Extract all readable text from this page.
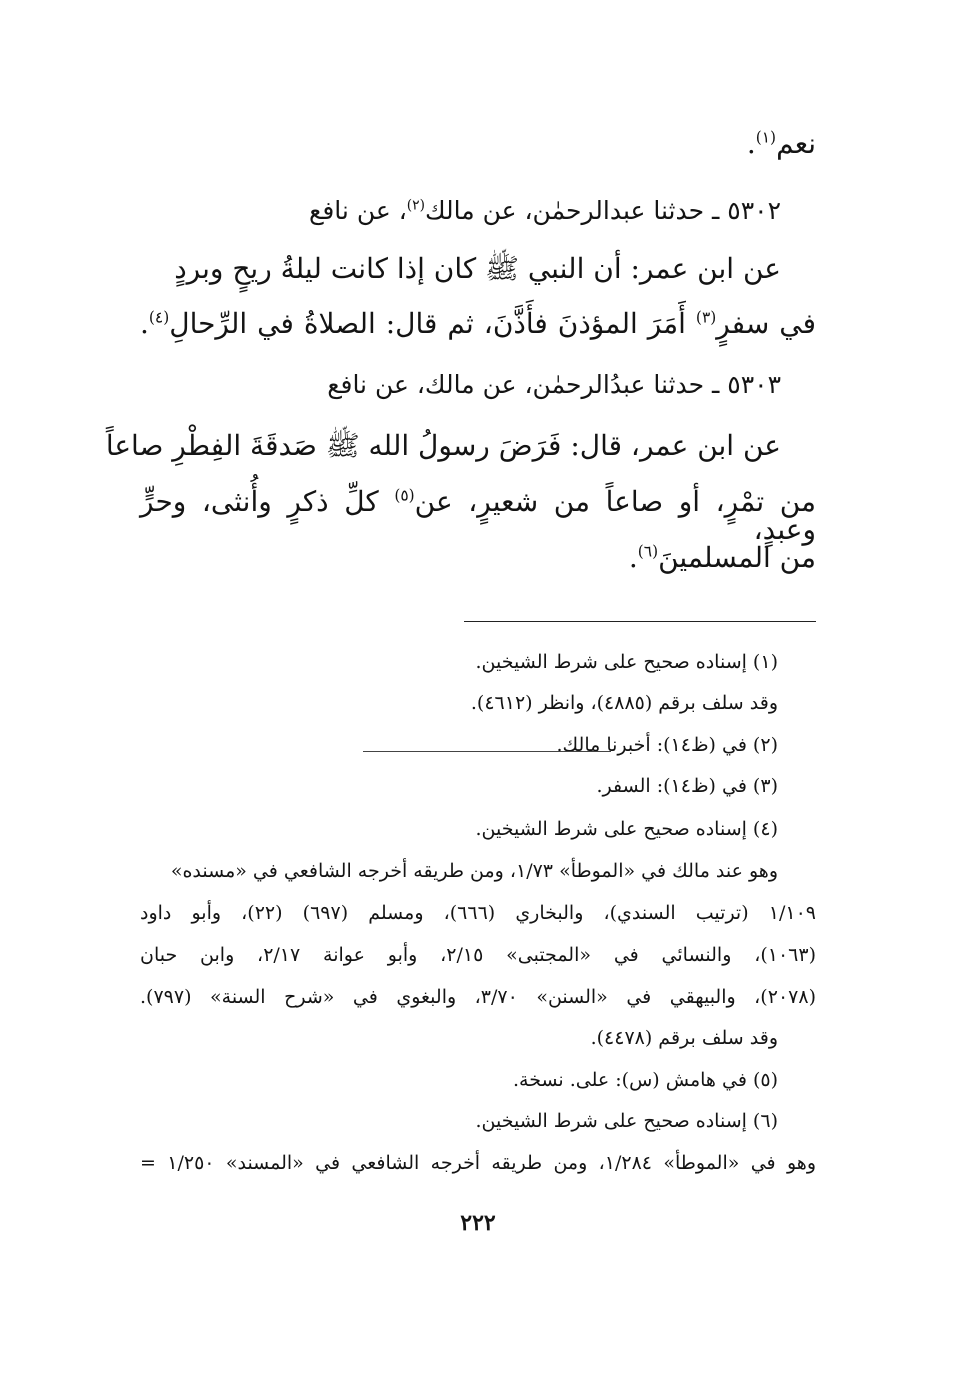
نعم$^{(١)}$.
٥٣٠٢ ـ حدثنا عبدالرحمٰن، عن مالك$^{(٢)}$، عن نافع
عن ابن عمر: أن النبي ﷺ كان إذا كانت ليلةُ ريحٍ وبردٍ
في سفرٍ$^{(٣)}$ أَمَرَ المؤذنَ فأَذَّنَ، ثم قال: الصلاةُ في الرِّحالِ$^{(٤)}$.
٥٣٠٣ ـ حدثنا عبدُالرحمٰن، عن مالك، عن نافع
عن ابن عمر، قال: فَرَضَ رسولُ الله ﷺ صَدقَةَ الفِطْرِ صاعاً
من تمْرٍ، أو صاعاً من شعيرٍ، عن$^{(٥)}$ كلِّ ذكرٍ وأُنثى، وحرٍّ وعبدٍ،
من المسلمينَ$^{(٦)}$.
(١) إسناده صحيح على شرط الشيخين.
وقد سلف برقم (٤٨٨٥)، وانظر (٤٦١٢).
(٢) في (ظ١٤): أخبرنا مالك.
(٣) في (ظ١٤): السفر.
(٤) إسناده صحيح على شرط الشيخين.
وهو عند مالك في «الموطأ» ١/٧٣، ومن طريقه أخرجه الشافعي في «مسنده»
١/١٠٩ (ترتيب السندي)، والبخاري (٦٦٦)، ومسلم (٦٩٧) (٢٢)، وأبو داود
(١٠٦٣)، والنسائي في «المجتبى» ٢/١٥، وأبو عوانة ٢/١٧، وابن حبان
(٢٠٧٨)، والبيهقي في «السنن» ٣/٧٠، والبغوي في «شرح السنة» (٧٩٧).
وقد سلف برقم (٤٤٧٨).
(٥) في هامش (س): على. نسخة.
(٦) إسناده صحيح على شرط الشيخين.
وهو في «الموطأ» ١/٢٨٤، ومن طريقه أخرجه الشافعي في «المسند» ١/٢٥٠ =
٢٢٢
